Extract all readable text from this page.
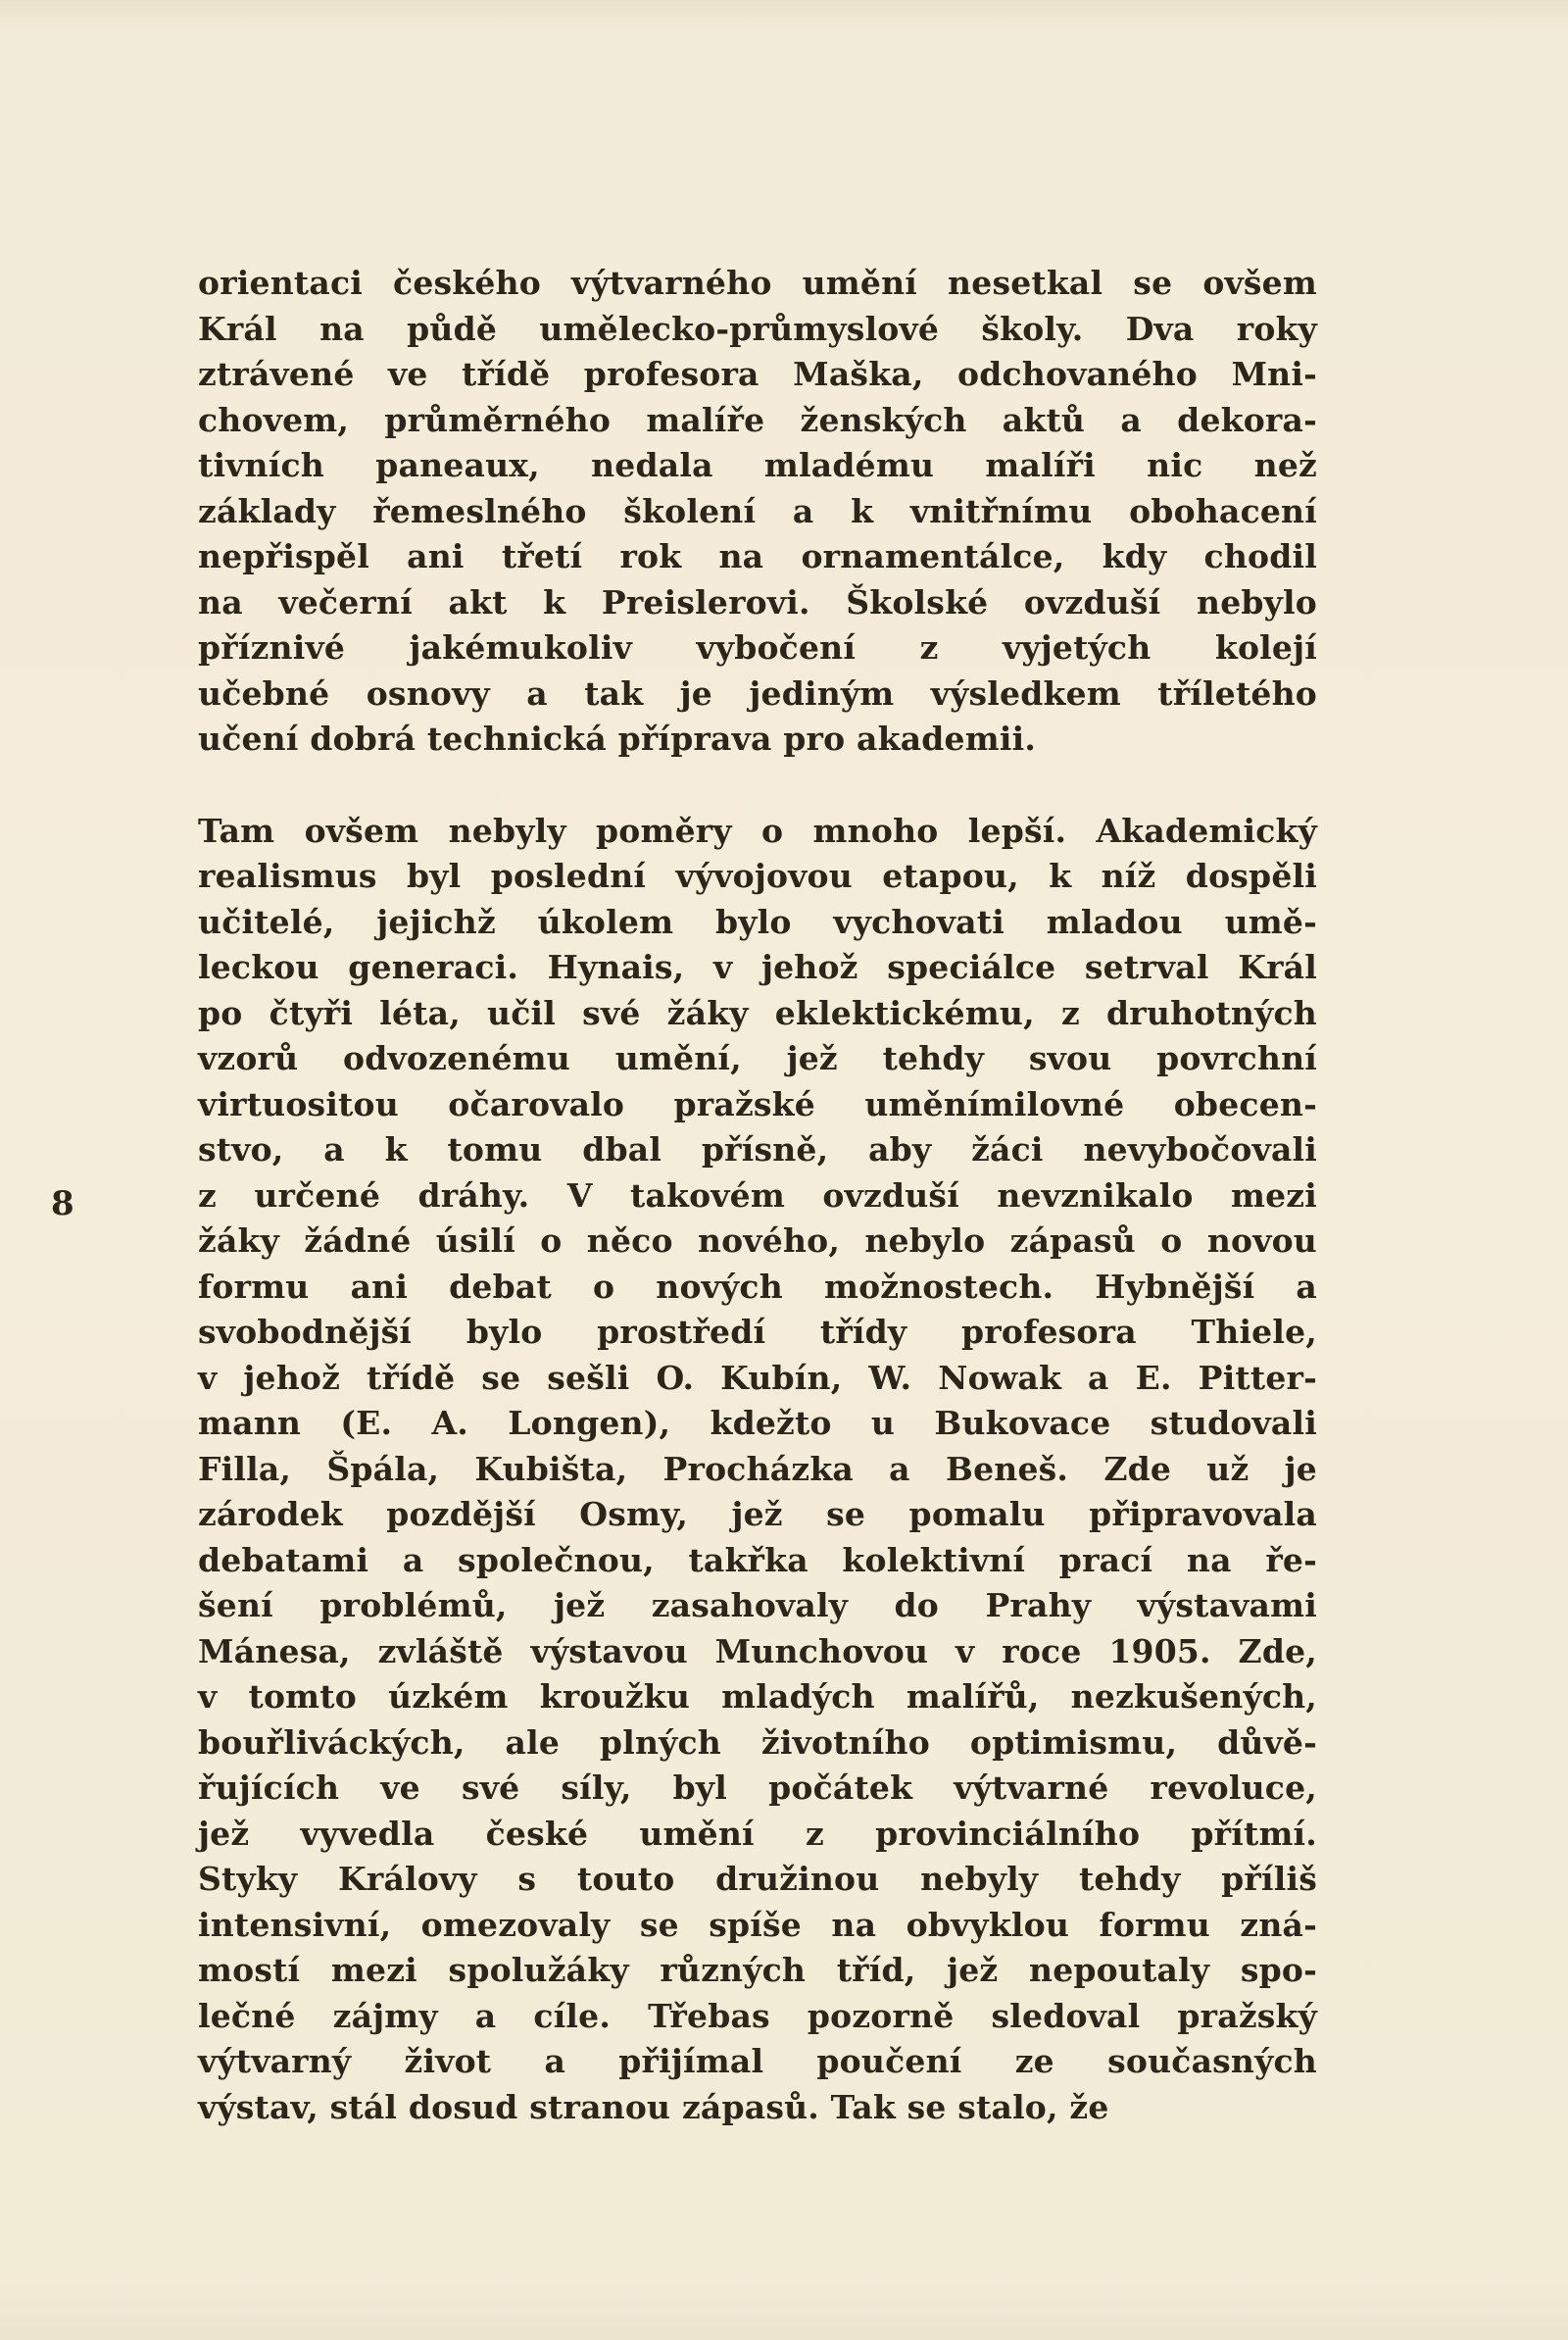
8
orientaci českého výtvarného umění nesetkal se ovšem
Král na půdě umělecko-průmyslové školy. Dva roky
ztrávené ve třídě profesora Maška, odchovaného Mni-
chovem, průměrného malíře ženských aktů a dekora-
tivních paneaux, nedala mladému malíři nic než
základy řemeslného školení a k vnitřnímu obohacení
nepřispěl ani třetí rok na ornamentálce, kdy chodil
na večerní akt k Preislerovi. Školské ovzduší nebylo
příznivé jakémukoliv vybočení z vyjetých kolejí
učebné osnovy a tak je jediným výsledkem tříletého
učení dobrá technická příprava pro akademii.
Tam ovšem nebyly poměry o mnoho lepší. Akademický
realismus byl poslední vývojovou etapou, k níž dospěli
učitelé, jejichž úkolem bylo vychovati mladou umě-
leckou generaci. Hynais, v jehož speciálce setrval Král
po čtyři léta, učil své žáky eklektickému, z druhotných
vzorů odvozenému umění, jež tehdy svou povrchní
virtuositou očarovalo pražské uměnímilovné obecen-
stvo, a k tomu dbal přísně, aby žáci nevybočovali
z určené dráhy. V takovém ovzduší nevznikalo mezi
žáky žádné úsilí o něco nového, nebylo zápasů o novou
formu ani debat o nových možnostech. Hybnější a
svobodnější bylo prostředí třídy profesora Thiele,
v jehož třídě se sešli O. Kubín, W. Nowak a E. Pitter-
mann (E. A. Longen), kdežto u Bukovace studovali
Filla, Špála, Kubišta, Procházka a Beneš. Zde už je
zárodek pozdější Osmy, jež se pomalu připravovala
debatami a společnou, takřka kolektivní prací na ře-
šení problémů, jež zasahovaly do Prahy výstavami
Mánesa, zvláště výstavou Munchovou v roce 1905. Zde,
v tomto úzkém kroužku mladých malířů, nezkušených,
bouřliváckých, ale plných životního optimismu, důvě-
řujících ve své síly, byl počátek výtvarné revoluce,
jež vyvedla české umění z provinciálního přítmí.
Styky Královy s touto družinou nebyly tehdy příliš
intensivní, omezovaly se spíše na obvyklou formu zná-
mostí mezi spolužáky různých tříd, jež nepoutaly spo-
lečné zájmy a cíle. Třebas pozorně sledoval pražský
výtvarný život a přijímal poučení ze současných
výstav, stál dosud stranou zápasů. Tak se stalo, že
